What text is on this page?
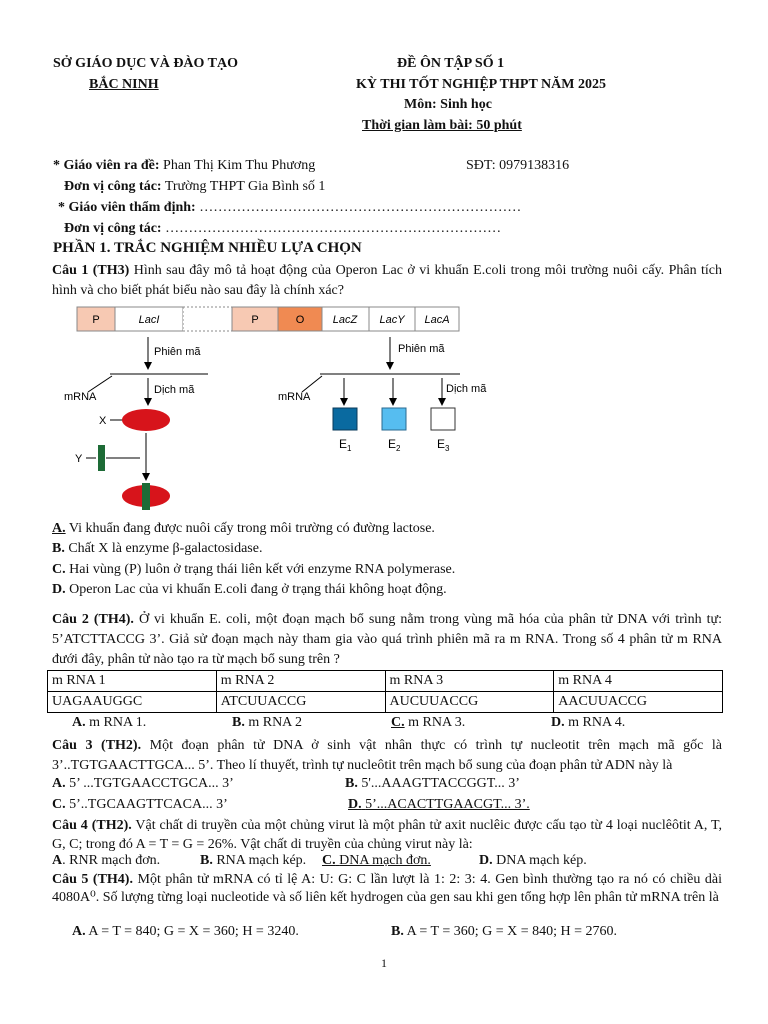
SỞ GIÁO DỤC VÀ ĐÀO TẠO
BẮC NINH
ĐỀ ÔN TẬP SỐ 1
KỲ THI TỐT NGHIỆP THPT NĂM 2025
Môn: Sinh học
Thời gian làm bài: 50 phút
* Giáo viên ra đề: Phan Thị Kim Thu Phương	SĐT: 0979138316
Đơn vị công tác: Trường THPT Gia Bình số 1
* Giáo viên thẩm định: ……………………………………………………………
Đơn vị công tác: ………………………………………………………………
PHẦN 1. TRẮC NGHIỆM NHIỀU LỰA CHỌN
Câu 1 (TH3) Hình sau đây mô tả hoạt động của Operon Lac ở vi khuẩn E.coli trong môi trường nuôi cấy. Phân tích hình và cho biết phát biểu nào sau đây là chính xác?
P	LacI	P	O	LacZ LacY LacA
Phiên mã
Dịch mã
mRNA
X
Y
Phiên mã
mRNA
Dịch mã
$E_1$	$E_2$	$E_3$
A. Vi khuẩn đang được nuôi cấy trong môi trường có đường lactose.
B. Chất X là enzyme β-galactosidase.
C. Hai vùng (P) luôn ở trạng thái liên kết với enzyme RNA polymerase.
D. Operon Lac của vi khuẩn E.coli đang ở trạng thái không hoạt động.
Câu 2 (TH4). Ở vi khuẩn E. coli, một đoạn mạch bổ sung nằm trong vùng mã hóa của phân tử DNA với trình tự: 5’ATCTTACCG 3’. Giả sử đoạn mạch này tham gia vào quá trình phiên mã ra m RNA. Trong số 4 phân tử m RNA đưới đây, phân tử nào tạo ra từ mạch bổ sung trên ?
m RNA 1	m RNA 2	m RNA 3	m RNA 4
UAGAAUGGC	ATCUUACCG	AUCUUACCG	AACUUACCG
A. m RNA 1.	B. m RNA 2	C. m RNA 3.	D. m RNA 4.
Câu 3 (TH2). Một đoạn phân tử DNA ở sinh vật nhân thực có trình tự nucleotit trên mạch mã gốc là 3’..TGTGAACTTGCA... 5’. Theo lí thuyết, trình tự nucleôtit trên mạch bổ sung của đoạn phân tử ADN này là
A. 5’ ...TGTGAACCTGCA... 3’	B. 5'...AAAGTTACCGGT... 3’
C. 5’..TGCAAGTTCACA... 3’	D. 5’...ACACTTGAACGT... 3’.
Câu 4 (TH2). Vật chất di truyền của một chủng virut là một phân tử axit nuclêic được cấu tạo từ 4 loại nuclêôtit A, T, G, C; trong đó A = T = G = 26%. Vật chất di truyền của chủng virut này là:
A. RNR mạch đơn.	B. RNA mạch kép. C. DNA mạch đơn.	D. DNA mạch kép.
Câu 5 (TH4). Một phân tử mRNA có tỉ lệ A: U: G: C lần lượt là 1: 2: 3: 4. Gen bình thường tạo ra nó có chiều dài 4080A⁰. Số lượng từng loại nucleotide và số liên kết hydrogen của gen sau khi gen tổng hợp lên phân tử mRNA trên là
A. A = T = 840; G = X = 360; H = 3240.	B. A = T = 360; G = X = 840; H = 2760.
1
